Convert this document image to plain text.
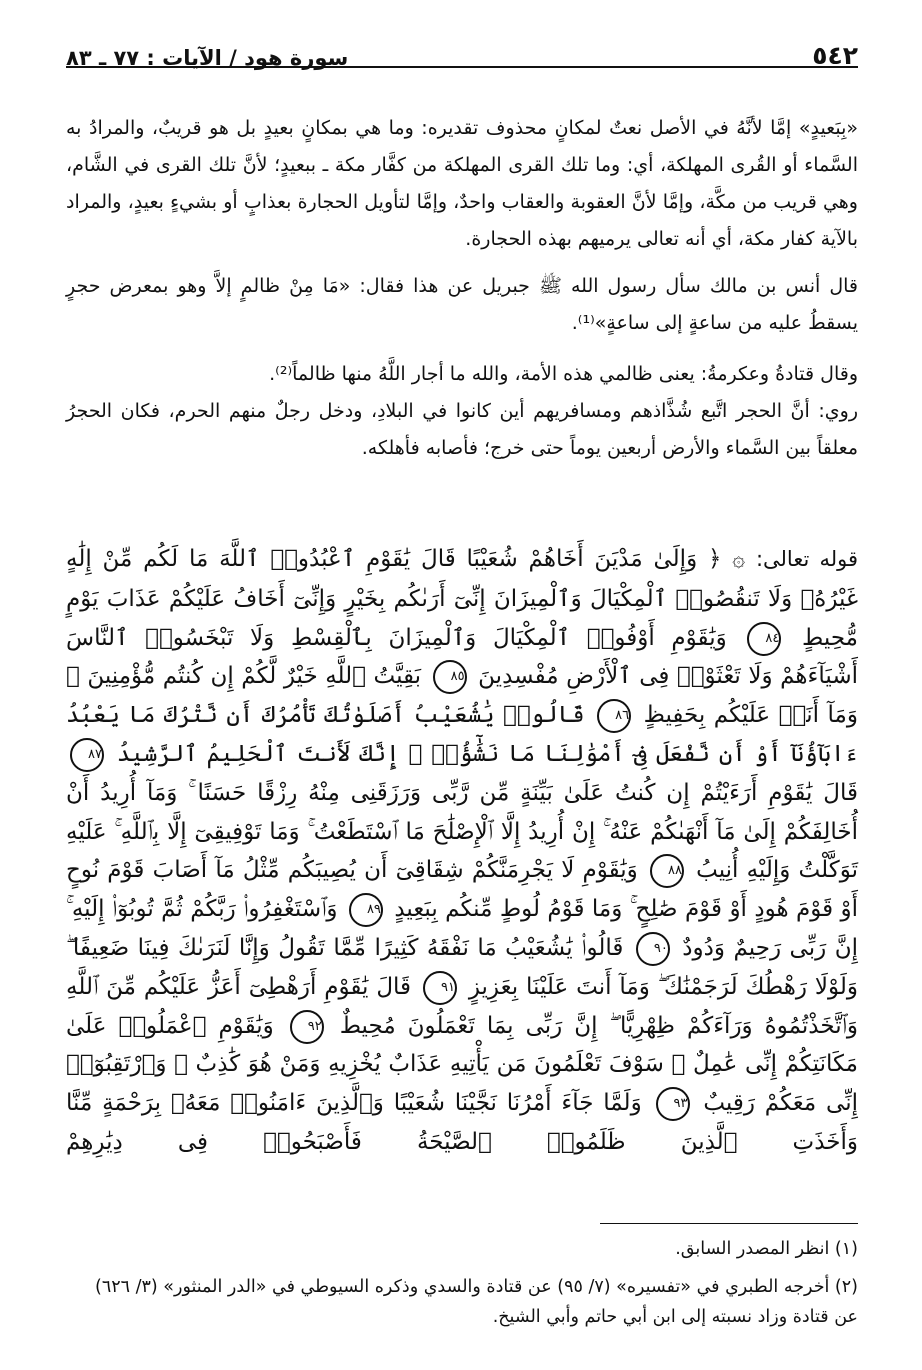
٥٤٢
سورة هود / الآيات : ٧٧ ـ ٨٣

«بِبَعيدٍ» إمَّا لأنَّهُ في الأصل نعتٌ لمكانٍ محذوف تقديره: وما هي بمكانٍ بعيدٍ بل هو قريبٌ، والمرادُ به السَّماء أو القُرى المهلكة، أي: وما تلك القرى المهلكة من كفَّار مكة ـ ببعيدٍ؛ لأنَّ تلك القرى في الشَّام، وهي قريب من مكَّة، وإمَّا لأنَّ العقوبة والعقاب واحدٌ، وإمَّا لتأويل الحجارة بعذابٍ أو بشيءٍ بعيدٍ، والمراد بالآية كفار مكة، أي أنه تعالى يرميهم بهذه الحجارة.

قال أنس بن مالك سأل رسول الله ﷺ جبريل عن هذا فقال: «مَا مِنْ ظالمٍ إلاَّ وهو بمعرض حجرٍ يسقطُ عليه من ساعةٍ إلى ساعةٍ»⁽¹⁾.

وقال قتادةُ وعكرمةُ: يعنى ظالمي هذه الأمة، والله ما أجار اللَّهُ منها ظالماً⁽²⁾.

روي: أنَّ الحجر اتَّبع شُذَّاذهم ومسافريهم أين كانوا في البلادِ، ودخل رجلٌ منهم الحرم، فكان الحجرُ معلقاً بين السَّماء والأرض أربعين يوماً حتى خرج؛ فأصابه فأهلكه.

قوله تعالى: ۞ ﴿ وَإِلَىٰ مَدْيَنَ أَخَاهُمْ شُعَيْبًا قَالَ يَٰقَوْمِ ٱعْبُدُوا۟ ٱللَّهَ مَا لَكُم مِّنْ إِلَٰهٍ غَيْرُهُۥ وَلَا تَنقُصُوا۟ ٱلْمِكْيَالَ وَٱلْمِيزَانَ إِنِّىٓ أَرَىٰكُم بِخَيْرٍ وَإِنِّىٓ أَخَافُ عَلَيْكُمْ عَذَابَ يَوْمٍ مُّحِيطٍ ٨٤ وَيَٰقَوْمِ أَوْفُوا۟ ٱلْمِكْيَالَ وَٱلْمِيزَانَ بِٱلْقِسْطِ وَلَا تَبْخَسُوا۟ ٱلنَّاسَ أَشْيَآءَهُمْ وَلَا تَعْثَوْا۟ فِى ٱلْأَرْضِ مُفْسِدِينَ ٨٥ بَقِيَّتُ ٱللَّهِ خَيْرٌ لَّكُمْ إِن كُنتُم مُّؤْمِنِينَ ۚ وَمَآ أَنَا۠ عَلَيْكُم بِحَفِيظٍ ٨٦ قَالُوا۟ يَٰشُعَيْبُ أَصَلَوٰتُكَ تَأْمُرُكَ أَن نَّتْرُكَ مَا يَعْبُدُ ءَابَآؤُنَآ أَوْ أَن نَّفْعَلَ فِىٓ أَمْوَٰلِنَا مَا نَشَٰٓؤُا۟ ۖ إِنَّكَ لَأَنتَ ٱلْحَلِيمُ ٱلرَّشِيدُ ٨٧ قَالَ يَٰقَوْمِ أَرَءَيْتُمْ إِن كُنتُ عَلَىٰ بَيِّنَةٍ مِّن رَّبِّى وَرَزَقَنِى مِنْهُ رِزْقًا حَسَنًا ۚ وَمَآ أُرِيدُ أَنْ أُخَالِفَكُمْ إِلَىٰ مَآ أَنْهَىٰكُمْ عَنْهُ ۚ إِنْ أُرِيدُ إِلَّا ٱلْإِصْلَٰحَ مَا ٱسْتَطَعْتُ ۚ وَمَا تَوْفِيقِىٓ إِلَّا بِٱللَّهِ ۚ عَلَيْهِ تَوَكَّلْتُ وَإِلَيْهِ أُنِيبُ ٨٨ وَيَٰقَوْمِ لَا يَجْرِمَنَّكُمْ شِقَاقِىٓ أَن يُصِيبَكُم مِّثْلُ مَآ أَصَابَ قَوْمَ نُوحٍ أَوْ قَوْمَ هُودٍ أَوْ قَوْمَ صَٰلِحٍ ۚ وَمَا قَوْمُ لُوطٍ مِّنكُم بِبَعِيدٍ ٨٩ وَٱسْتَغْفِرُوا۟ رَبَّكُمْ ثُمَّ تُوبُوٓا۟ إِلَيْهِ ۚ إِنَّ رَبِّى رَحِيمٌ وَدُودٌ ٩٠ قَالُوا۟ يَٰشُعَيْبُ مَا نَفْقَهُ كَثِيرًا مِّمَّا تَقُولُ وَإِنَّا لَنَرَىٰكَ فِينَا ضَعِيفًا ۖ وَلَوْلَا رَهْطُكَ لَرَجَمْنَٰكَ ۖ وَمَآ أَنتَ عَلَيْنَا بِعَزِيزٍ ٩١ قَالَ يَٰقَوْمِ أَرَهْطِىٓ أَعَزُّ عَلَيْكُم مِّنَ ٱللَّهِ وَٱتَّخَذْتُمُوهُ وَرَآءَكُمْ ظِهْرِيًّا ۖ إِنَّ رَبِّى بِمَا تَعْمَلُونَ مُحِيطٌ ٩٢ وَيَٰقَوْمِ ٱعْمَلُوا۟ عَلَىٰ مَكَانَتِكُمْ إِنِّى عَٰمِلٌ ۖ سَوْفَ تَعْلَمُونَ مَن يَأْتِيهِ عَذَابٌ يُخْزِيهِ وَمَنْ هُوَ كَٰذِبٌ ۖ وَٱرْتَقِبُوٓا۟ إِنِّى مَعَكُمْ رَقِيبٌ ٩٣ وَلَمَّا جَآءَ أَمْرُنَا نَجَّيْنَا شُعَيْبًا وَٱلَّذِينَ ءَامَنُوا۟ مَعَهُۥ بِرَحْمَةٍ مِّنَّا وَأَخَذَتِ ٱلَّذِينَ ظَلَمُوا۟ ٱلصَّيْحَةُ فَأَصْبَحُوا۟ فِى دِيَٰرِهِمْ

(١) انظر المصدر السابق.

(٢) أخرجه الطبري في «تفسيره» (٧/ ٩٥) عن قتادة والسدي وذكره السيوطي في «الدر المنثور» (٣/ ٦٢٦) عن قتادة وزاد نسبته إلى ابن أبي حاتم وأبي الشيخ.
